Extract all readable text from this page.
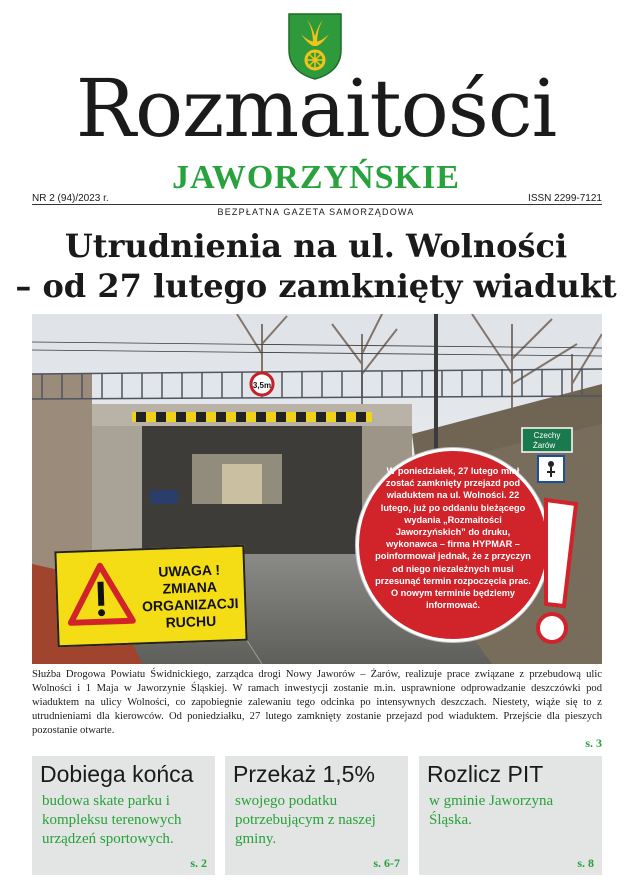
Rozmaitości
JAWORZYŃSKIE
NR 2 (94)/2023 r.	ISSN 2299-7121
BEZPŁATNA GAZETA SAMORZĄDOWA
Utrudnienia na ul. Wolności
– od 27 lutego zamknięty wiadukt
3,5m
Czechy
Żarów
UWAGA ! ZMIANA ORGANIZACJI RUCHU
W poniedziałek, 27 lutego miał zostać zamknięty przejazd pod wiaduktem na ul. Wolności. 22 lutego, już po oddaniu bieżącego wydania „Rozmaitości Jaworzyńskich” do druku, wykonawca – firma HYPMAR – poinformował jednak, że z przyczyn od niego niezależnych musi przesunąć termin rozpoczęcia prac. O nowym terminie będziemy informować.
Służba Drogowa Powiatu Świdnickiego, zarządca drogi Nowy Jaworów – Żarów, realizuje prace związane z przebudową ulic Wolności i 1 Maja w Jaworzynie Śląskiej. W ramach inwestycji zostanie m.in. usprawnione odprowadzanie deszczówki pod wiaduktem na ulicy Wolności, co zapobiegnie zalewaniu tego odcinka po intensywnych deszczach. Niestety, wiąże się to z utrudnieniami dla kierowców. Od poniedziałku, 27 lutego zamknięty zostanie przejazd pod wiaduktem. Przejście dla pieszych pozostanie otwarte.
s. 3
Dobiega końca
budowa skate parku i kompleksu terenowych urządzeń sportowych.
s. 2
Przekaż 1,5%
swojego podatku potrzebującym z naszej gminy.
s. 6-7
Rozlicz PIT
w gminie Jaworzyna Śląska.
s. 8
